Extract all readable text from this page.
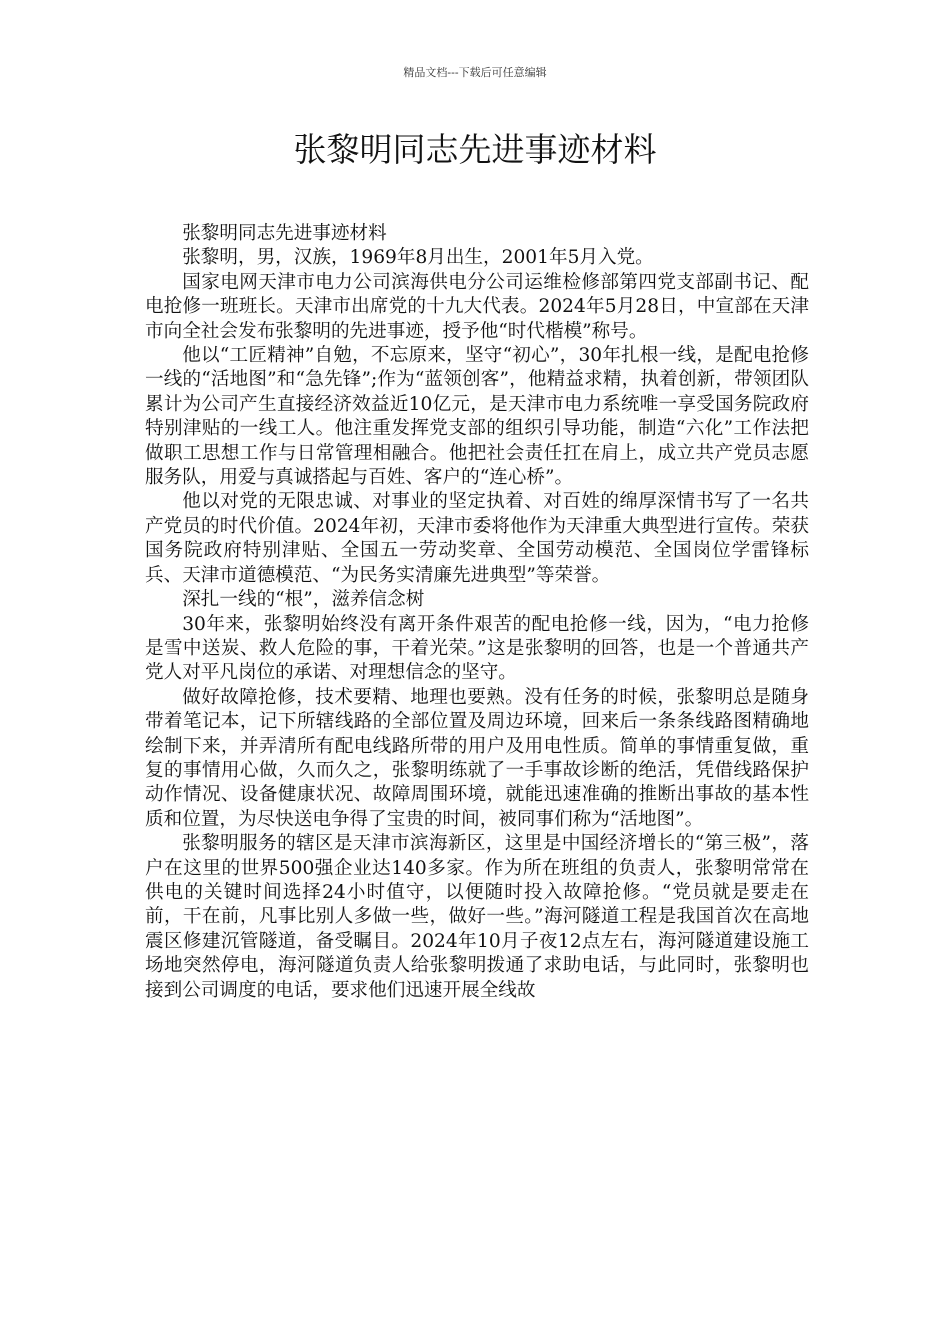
精品文档---下载后可任意编辑
张黎明同志先进事迹材料

张黎明同志先进事迹材料

张黎明，男，汉族，1969年8月出生，2001年5月入党。

国家电网天津市电力公司滨海供电分公司运维检修部第四党支部副书记、配电抢修一班班长。天津市出席党的十九大代表。2024年5月28日，中宣部在天津市向全社会发布张黎明的先进事迹，授予他“时代楷模”称号。

他以“工匠精神”自勉，不忘原来，坚守“初心”，30年扎根一线，是配电抢修一线的“活地图”和“急先锋”;作为“蓝领创客”，他精益求精，执着创新，带领团队累计为公司产生直接经济效益近10亿元，是天津市电力系统唯一享受国务院政府特别津贴的一线工人。他注重发挥党支部的组织引导功能，制造“六化”工作法把做职工思想工作与日常管理相融合。他把社会责任扛在肩上，成立共产党员志愿服务队，用爱与真诚搭起与百姓、客户的“连心桥”。

他以对党的无限忠诚、对事业的坚定执着、对百姓的绵厚深情书写了一名共产党员的时代价值。2024年初，天津市委将他作为天津重大典型进行宣传。荣获国务院政府特别津贴、全国五一劳动奖章、全国劳动模范、全国岗位学雷锋标兵、天津市道德模范、“为民务实清廉先进典型”等荣誉。

深扎一线的“根”，滋养信念树

30年来，张黎明始终没有离开条件艰苦的配电抢修一线，因为，“电力抢修是雪中送炭、救人危险的事，干着光荣。”这是张黎明的回答，也是一个普通共产党人对平凡岗位的承诺、对理想信念的坚守。

做好故障抢修，技术要精、地理也要熟。没有任务的时候，张黎明总是随身带着笔记本，记下所辖线路的全部位置及周边环境，回来后一条条线路图精确地绘制下来，并弄清所有配电线路所带的用户及用电性质。简单的事情重复做，重复的事情用心做，久而久之，张黎明练就了一手事故诊断的绝活，凭借线路保护动作情况、设备健康状况、故障周围环境，就能迅速准确的推断出事故的基本性质和位置，为尽快送电争得了宝贵的时间，被同事们称为“活地图”。

张黎明服务的辖区是天津市滨海新区，这里是中国经济增长的“第三极”，落户在这里的世界500强企业达140多家。作为所在班组的负责人，张黎明常常在供电的关键时间选择24小时值守，以便随时投入故障抢修。“党员就是要走在前，干在前，凡事比别人多做一些，做好一些。”海河隧道工程是我国首次在高地震区修建沉管隧道，备受瞩目。2024年10月子夜12点左右，海河隧道建设施工场地突然停电，海河隧道负责人给张黎明拨通了求助电话，与此同时，张黎明也接到公司调度的电话，要求他们迅速开展全线故
